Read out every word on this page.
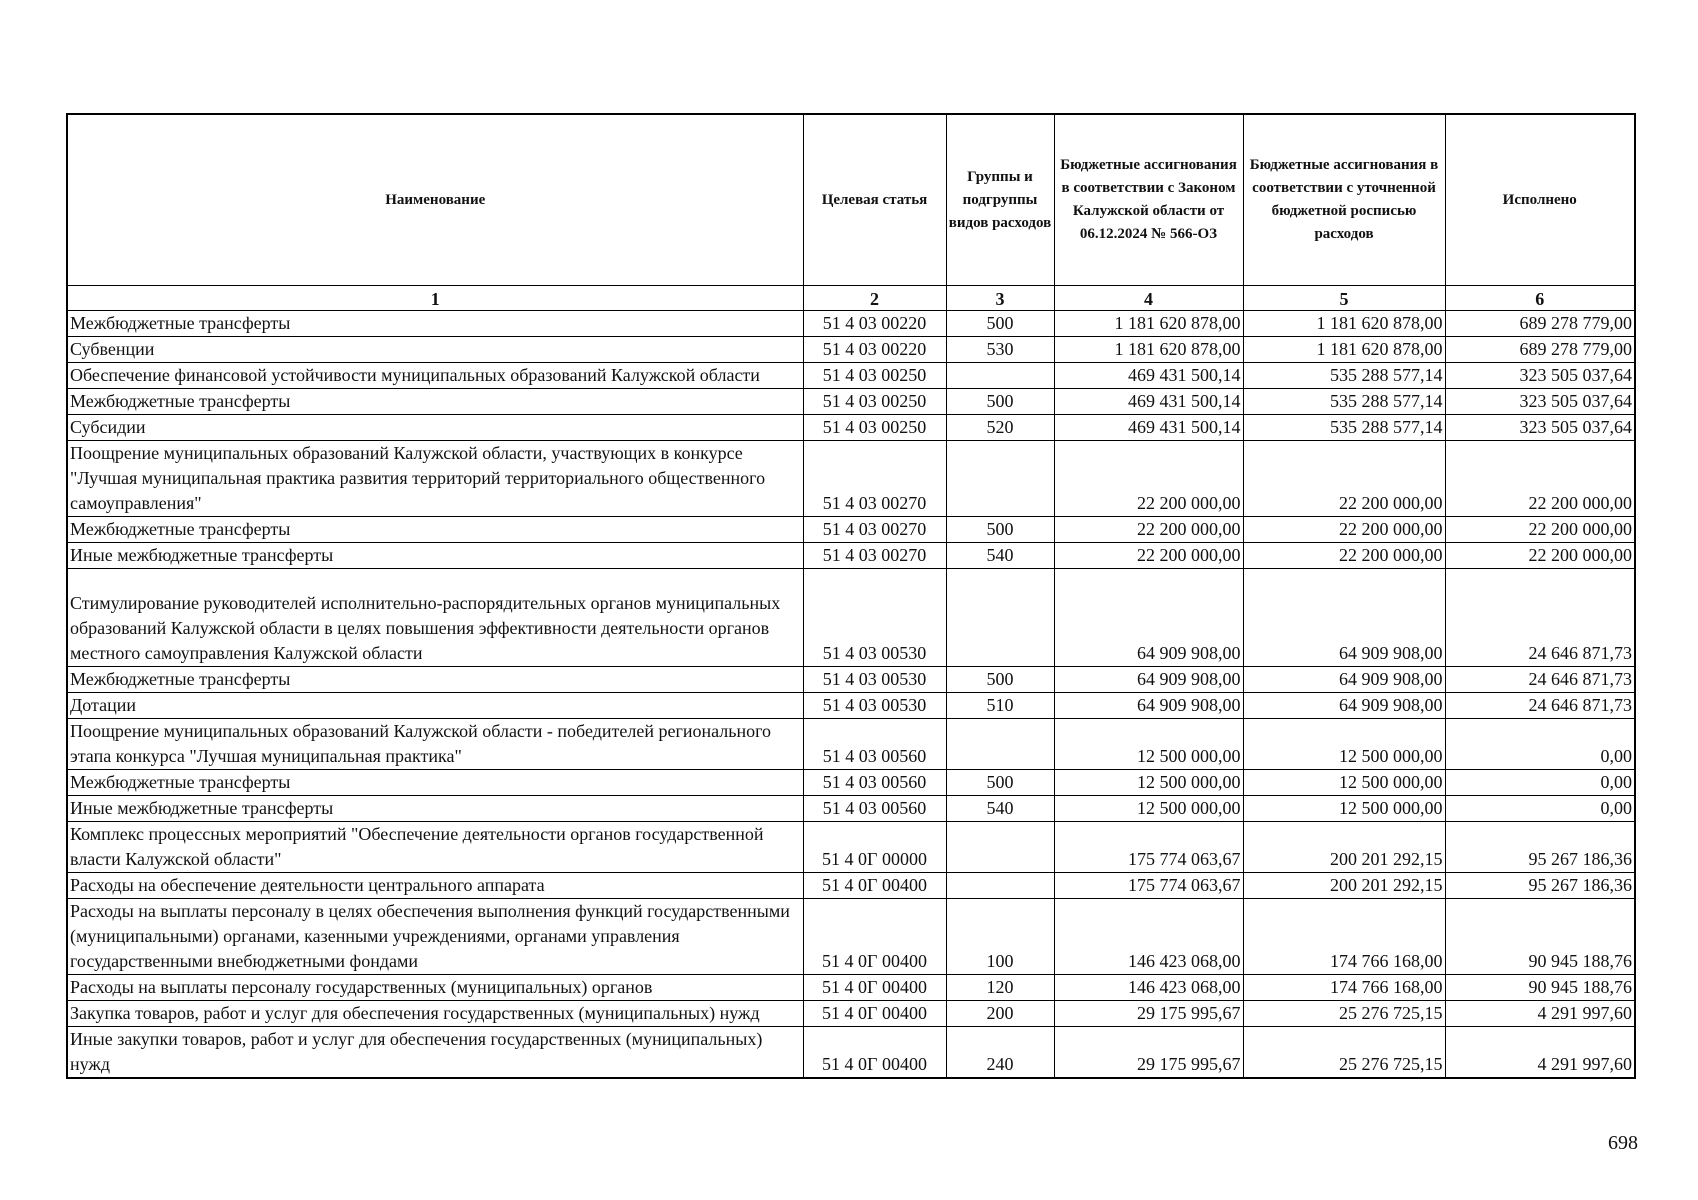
Наименование	Целевая статья	Группы и подгруппы видов расходов	Бюджетные ассигнования в соответствии с Законом Калужской области от 06.12.2024 № 566-ОЗ	Бюджетные ассигнования в соответствии с уточненной бюджетной росписью расходов	Исполнено
1	2	3	4	5	6
Межбюджетные трансферты	51 4 03 00220	500	1 181 620 878,00	1 181 620 878,00	689 278 779,00
Субвенции	51 4 03 00220	530	1 181 620 878,00	1 181 620 878,00	689 278 779,00
Обеспечение финансовой устойчивости муниципальных образований Калужской области	51 4 03 00250		469 431 500,14	535 288 577,14	323 505 037,64
Межбюджетные трансферты	51 4 03 00250	500	469 431 500,14	535 288 577,14	323 505 037,64
Субсидии	51 4 03 00250	520	469 431 500,14	535 288 577,14	323 505 037,64
Поощрение муниципальных образований Калужской области, участвующих в конкурсе "Лучшая муниципальная практика развития территорий территориального общественного самоуправления"	51 4 03 00270		22 200 000,00	22 200 000,00	22 200 000,00
Межбюджетные трансферты	51 4 03 00270	500	22 200 000,00	22 200 000,00	22 200 000,00
Иные межбюджетные трансферты	51 4 03 00270	540	22 200 000,00	22 200 000,00	22 200 000,00
Стимулирование руководителей исполнительно-распорядительных органов муниципальных образований Калужской области в целях повышения эффективности деятельности органов местного самоуправления Калужской области	51 4 03 00530		64 909 908,00	64 909 908,00	24 646 871,73
Межбюджетные трансферты	51 4 03 00530	500	64 909 908,00	64 909 908,00	24 646 871,73
Дотации	51 4 03 00530	510	64 909 908,00	64 909 908,00	24 646 871,73
Поощрение муниципальных образований Калужской области - победителей регионального этапа конкурса "Лучшая муниципальная практика"	51 4 03 00560		12 500 000,00	12 500 000,00	0,00
Межбюджетные трансферты	51 4 03 00560	500	12 500 000,00	12 500 000,00	0,00
Иные межбюджетные трансферты	51 4 03 00560	540	12 500 000,00	12 500 000,00	0,00
Комплекс процессных мероприятий "Обеспечение деятельности органов государственной власти Калужской области"	51 4 0Г 00000		175 774 063,67	200 201 292,15	95 267 186,36
Расходы на обеспечение деятельности центрального аппарата	51 4 0Г 00400		175 774 063,67	200 201 292,15	95 267 186,36
Расходы на выплаты персоналу в целях обеспечения выполнения функций государственными (муниципальными) органами, казенными учреждениями, органами управления государственными внебюджетными фондами	51 4 0Г 00400	100	146 423 068,00	174 766 168,00	90 945 188,76
Расходы на выплаты персоналу государственных (муниципальных) органов	51 4 0Г 00400	120	146 423 068,00	174 766 168,00	90 945 188,76
Закупка товаров, работ и услуг для обеспечения государственных (муниципальных) нужд	51 4 0Г 00400	200	29 175 995,67	25 276 725,15	4 291 997,60
Иные закупки товаров, работ и услуг для обеспечения государственных (муниципальных) нужд	51 4 0Г 00400	240	29 175 995,67	25 276 725,15	4 291 997,60
698
